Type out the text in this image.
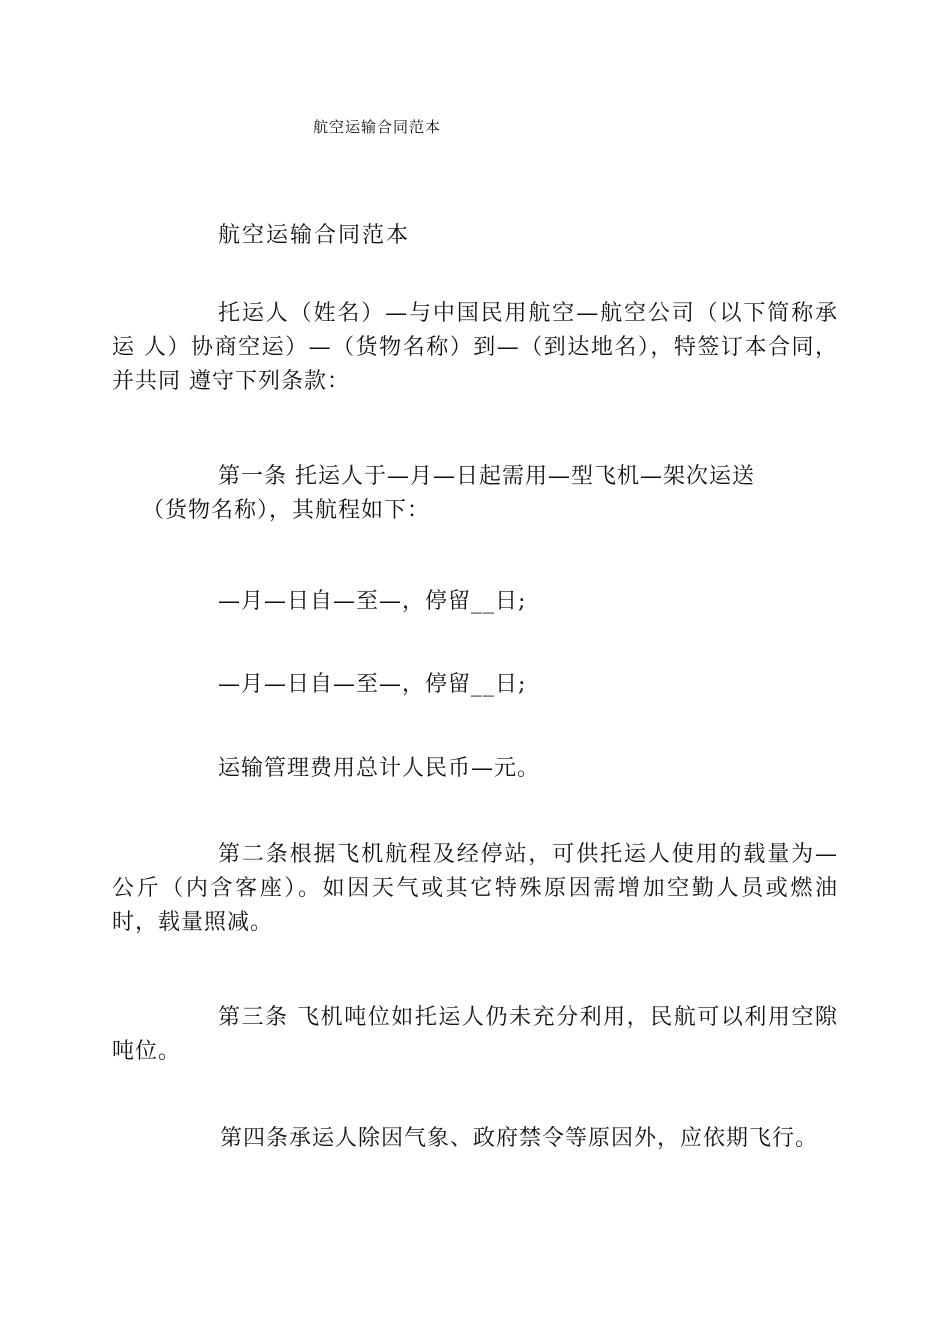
航空运输合同范本
航空运输合同范本
托运人（姓名）—与中国民用航空—航空公司（以下简称承运 人）协商空运）—（货物名称）到—（到达地名），特签订本合同，并共同 遵守下列条款：
第一条 托运人于—月—日起需用—型飞机—架次运送
（货物名称），其航程如下：
—月—日自—至—，停留__日;
—月—日自—至—，停留__日;
运输管理费用总计人民币—元。
第二条根据飞机航程及经停站，可供托运人使用的载量为—公斤（内含客座）。如因天气或其它特殊原因需增加空勤人员或燃油 时，载量照减。
第三条 飞机吨位如托运人仍未充分利用，民航可以利用空隙吨位。
第四条承运人除因气象、政府禁令等原因外，应依期飞行。
